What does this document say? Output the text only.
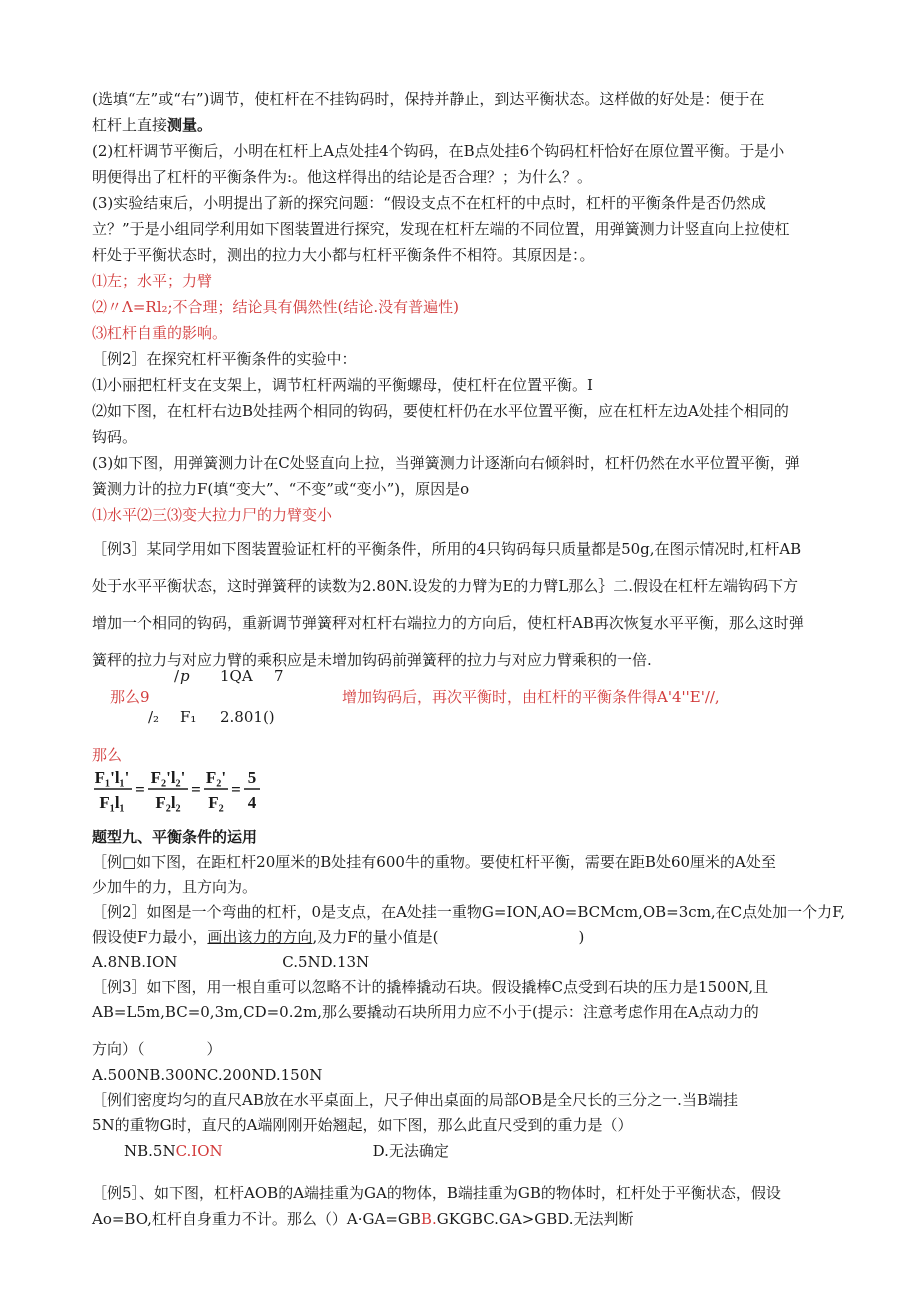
(选填“左”或“右”)调节，使杠杆在不挂钩码时，保持并静止，到达平衡状态。这样做的好处是：便于在
杠杆上直接测量。
(2)杠杆调节平衡后，小明在杠杆上A点处挂4个钩码，在B点处挂6个钩码杠杆恰好在原位置平衡。于是小
明便得出了杠杆的平衡条件为:。他这样得出的结论是否合理？；为什么？。
(3)实验结束后，小明提出了新的探究问题：“假设支点不在杠杆的中点时，杠杆的平衡条件是否仍然成
立？”于是小组同学利用如下图装置进行探究，发现在杠杆左端的不同位置，用弹簧测力计竖直向上拉使杠
杆处于平衡状态时，测出的拉力大小都与杠杆平衡条件不相符。其原因是：。
⑴左；水平；力臂
⑵〃Λ=Rl₂;不合理；结论具有偶然性(结论.没有普遍性)
⑶杠杆自重的影响。
［例2］在探究杠杆平衡条件的实验中：
⑴小丽把杠杆支在支架上，调节杠杆两端的平衡螺母，使杠杆在位置平衡。I
⑵如下图，在杠杆右边B处挂两个相同的钩码，要使杠杆仍在水平位置平衡，应在杠杆左边A处挂个相同的
钩码。
(3)如下图，用弹簧测力计在C处竖直向上拉，当弹簧测力计逐渐向右倾斜时，杠杆仍然在水平位置平衡，弹
簧测力计的拉力F(填“变大”、“不变”或“变小”)，原因是o
⑴水平⑵三⑶变大拉力尸的力臂变小
［例3］某同学用如下图装置验证杠杆的平衡条件，所用的4只钩码每只质量都是50g,在图示情况时,杠杆AB
处于水平平衡状态，这时弹簧秤的读数为2.80N.设发的力臂为E的力臂L那么｝二.假设在杠杆左端钩码下方
增加一个相同的钩码，重新调节弹簧秤对杠杆右端拉力的方向后，使杠杆AB再次恢复水平平衡，那么这时弹
簧秤的拉力与对应力臂的乘积应是未增加钩码前弹簧秤的拉力与对应力臂乘积的一倍.
/ p 1QA 7
那么9	增加钩码后，再次平衡时，由杠杆的平衡条件得A'4''E'//,
/₂ F₁ 2.801()
那么
F₁'l₁'
F₁l₁
=
F₂'l₂'
F₂l₂
=
F₂'
F₂
=
5
4
题型九、平衡条件的运用
［例□如下图，在距杠杆20厘米的B处挂有600牛的重物。要使杠杆平衡，需要在距B处60厘米的A处至
少加牛的力，且方向为。
［例2］如图是一个弯曲的杠杆，0是支点，在A处挂一重物G=ION,AO=BCMcm,OB=3cm,在C点处加一个力F,
假设使F力最小，画出该力的方向,及力F的量小值是(	)
A.8NB.ION                      C.5ND.13N
［例3］如下图，用一根自重可以忽略不计的撬棒撬动石块。假设撬棒C点受到石块的压力是1500N,且
AB=L5m,BC=0,3m,CD=0.2m,那么要撬动石块所用力应不小于(提示：注意考虑作用在A点动力的
方向）（             ）
A.500NB.300NC.200ND.150N
［例们密度均匀的直尺AB放在水平桌面上，尺子伸出桌面的局部OB是全尺长的三分之一.当B端挂
5N的重物G时，直尺的A端刚刚开始翘起，如下图，那么此直尺受到的重力是（）
NB.5NC.ION	D.无法确定
［例5］、如下图，杠杆AOB的A端挂重为GA的物体，B端挂重为GB的物体时，杠杆处于平衡状态，假设
Ao=BO,杠杆自身重力不计。那么（）A·GA=GBB.GKGBC.GA>GBD.无法判断
